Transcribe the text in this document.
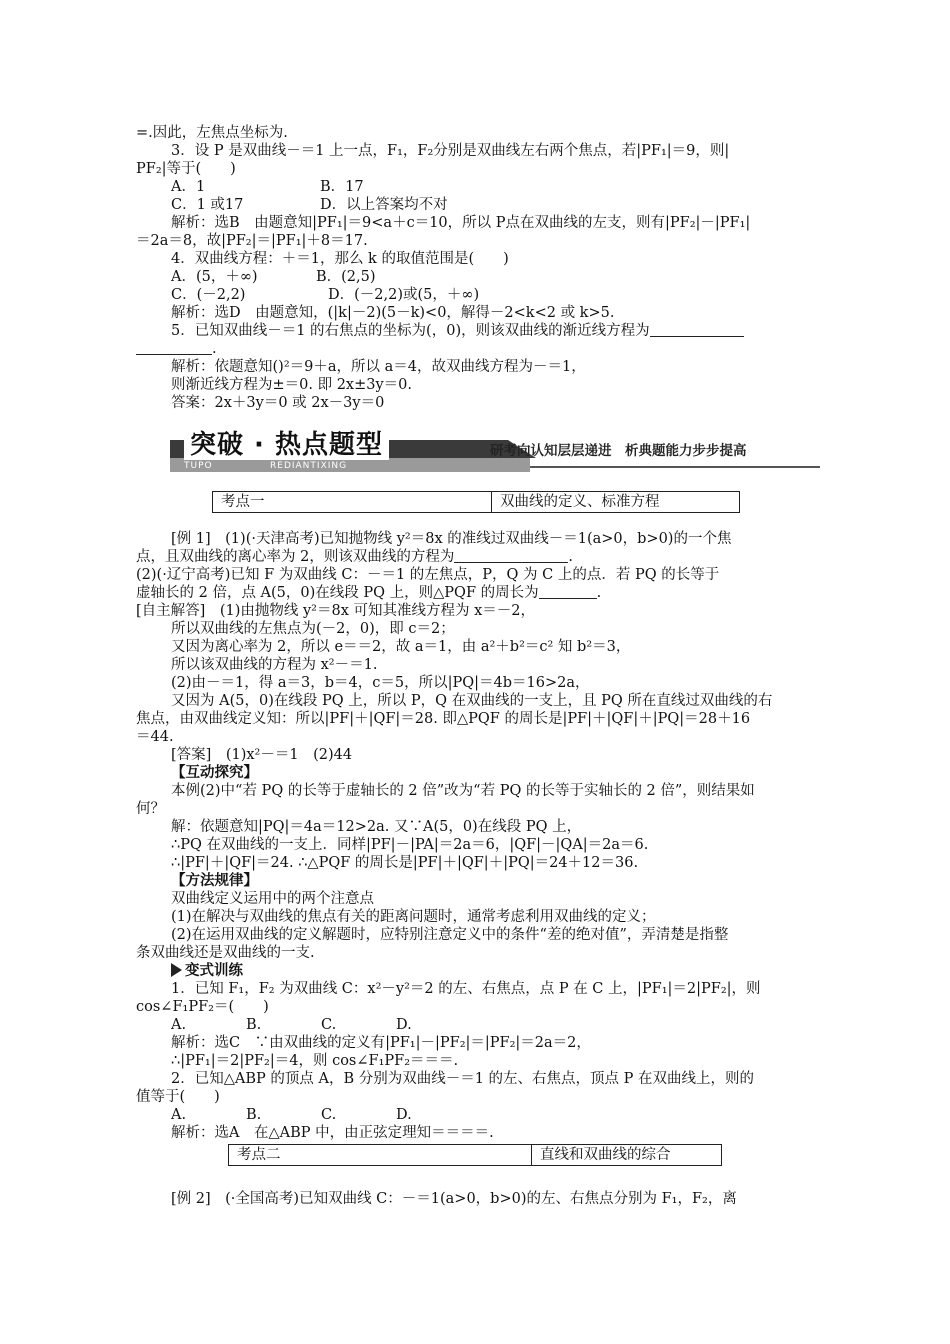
=.因此，左焦点坐标为.
3．设 P 是双曲线－＝1 上一点，F₁，F₂分别是双曲线左右两个焦点，若|PF₁|＝9，则|
PF₂|等于(　　)
A．1	B．17
C．1 或17	D．以上答案均不对
解析：选B　由题意知|PF₁|＝9<a＋c＝10，所以 P点在双曲线的左支，则有|PF₂|－|PF₁|
＝2a＝8，故|PF₂|＝|PF₁|＋8＝17.
4．双曲线方程：＋＝1，那么 k 的取值范围是(　　)
A．(5，＋∞)	B．(2,5)
C．(－2,2)	D．(－2,2)或(5，＋∞)
解析：选D　由题意知，(|k|－2)(5－k)<0，解得－2<k<2 或 k>5.
5．已知双曲线－＝1 的右焦点的坐标为(，0)，则该双曲线的渐近线方程为
.
解析：依题意知()²＝9＋a，所以 a＝4，故双曲线方程为－＝1，
则渐近线方程为±＝0. 即 2x±3y＝0.
答案：2x＋3y＝0 或 2x－3y＝0
突破 · 热点题型
TUPO	REDIANTIXING
研考向认知层层递进　析典题能力步步提高
考点一	双曲线的定义、标准方程
[例 1]　(1)(·天津高考)已知抛物线 y²＝8x 的准线过双曲线－＝1(a>0，b>0)的一个焦
点，且双曲线的离心率为 2，则该双曲线的方程为	.
(2)(·辽宁高考)已知 F 为双曲线 C：－＝1 的左焦点，P，Q 为 C 上的点．若 PQ 的长等于
虚轴长的 2 倍，点 A(5，0)在线段 PQ 上，则△PQF 的周长为	.
[自主解答]　(1)由抛物线 y²＝8x 可知其准线方程为 x＝－2，
所以双曲线的左焦点为(－2，0)，即 c＝2；
又因为离心率为 2，所以 e＝＝2，故 a＝1，由 a²＋b²＝c² 知 b²＝3，
所以该双曲线的方程为 x²－＝1.
(2)由－＝1，得 a＝3，b＝4，c＝5，所以|PQ|＝4b＝16>2a，
又因为 A(5，0)在线段 PQ 上，所以 P，Q 在双曲线的一支上，且 PQ 所在直线过双曲线的右
焦点，由双曲线定义知：所以|PF|＋|QF|＝28. 即△PQF 的周长是|PF|＋|QF|＋|PQ|＝28＋16
＝44.
[答案]　(1)x²－＝1　(2)44
【互动探究】
本例(2)中“若 PQ 的长等于虚轴长的 2 倍”改为“若 PQ 的长等于实轴长的 2 倍”，则结果如
何？
解：依题意知|PQ|＝4a＝12>2a. 又∵A(5，0)在线段 PQ 上，
∴PQ 在双曲线的一支上．同样|PF|－|PA|＝2a＝6，|QF|－|QA|＝2a＝6.
∴|PF|＋|QF|＝24. ∴△PQF 的周长是|PF|＋|QF|＋|PQ|＝24＋12＝36.
【方法规律】
双曲线定义运用中的两个注意点
(1)在解决与双曲线的焦点有关的距离问题时，通常考虑利用双曲线的定义；
(2)在运用双曲线的定义解题时，应特别注意定义中的条件“差的绝对值”，弄清楚是指整
条双曲线还是双曲线的一支.
变式训练
1．已知 F₁，F₂ 为双曲线 C：x²－y²＝2 的左、右焦点，点 P 在 C 上，|PF₁|＝2|PF₂|，则
cos∠F₁PF₂＝(　　)
A.	B.	C.	D.
解析：选C　∵由双曲线的定义有|PF₁|－|PF₂|＝|PF₂|＝2a＝2，
∴|PF₁|＝2|PF₂|＝4，则 cos∠F₁PF₂＝＝＝.
2．已知△ABP 的顶点 A，B 分别为双曲线－＝1 的左、右焦点，顶点 P 在双曲线上，则的
值等于(　　)
A.	B.	C.	D.
解析：选A　在△ABP 中，由正弦定理知＝＝＝＝.
考点二	直线和双曲线的综合
[例 2]　(·全国高考)已知双曲线 C：－＝1(a>0，b>0)的左、右焦点分别为 F₁，F₂，离
